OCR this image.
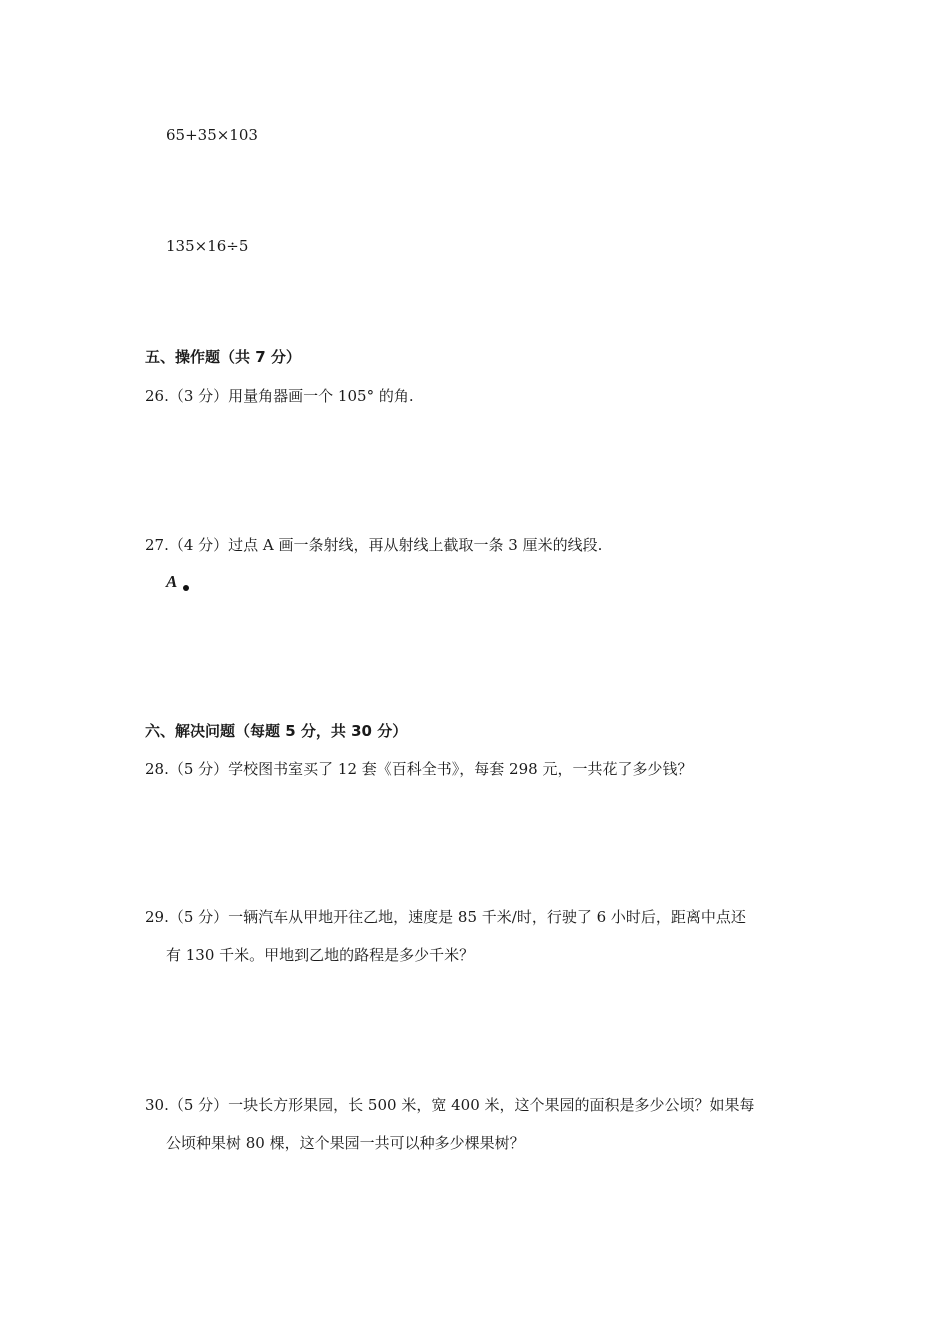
65+35×103
135×16÷5
五、操作题（共 7 分）
26.（3 分）用量角器画一个 105° 的角.
27.（4 分）过点 A 画一条射线，再从射线上截取一条 3 厘米的线段.
A
六、解决问题（每题 5 分，共 30 分）
28.（5 分）学校图书室买了 12 套《百科全书》，每套 298 元，一共花了多少钱？
29.（5 分）一辆汽车从甲地开往乙地，速度是 85 千米/时，行驶了 6 小时后，距离中点还
有 130 千米。甲地到乙地的路程是多少千米？
30.（5 分）一块长方形果园，长 500 米，宽 400 米，这个果园的面积是多少公顷？如果每
公顷种果树 80 棵，这个果园一共可以种多少棵果树？
